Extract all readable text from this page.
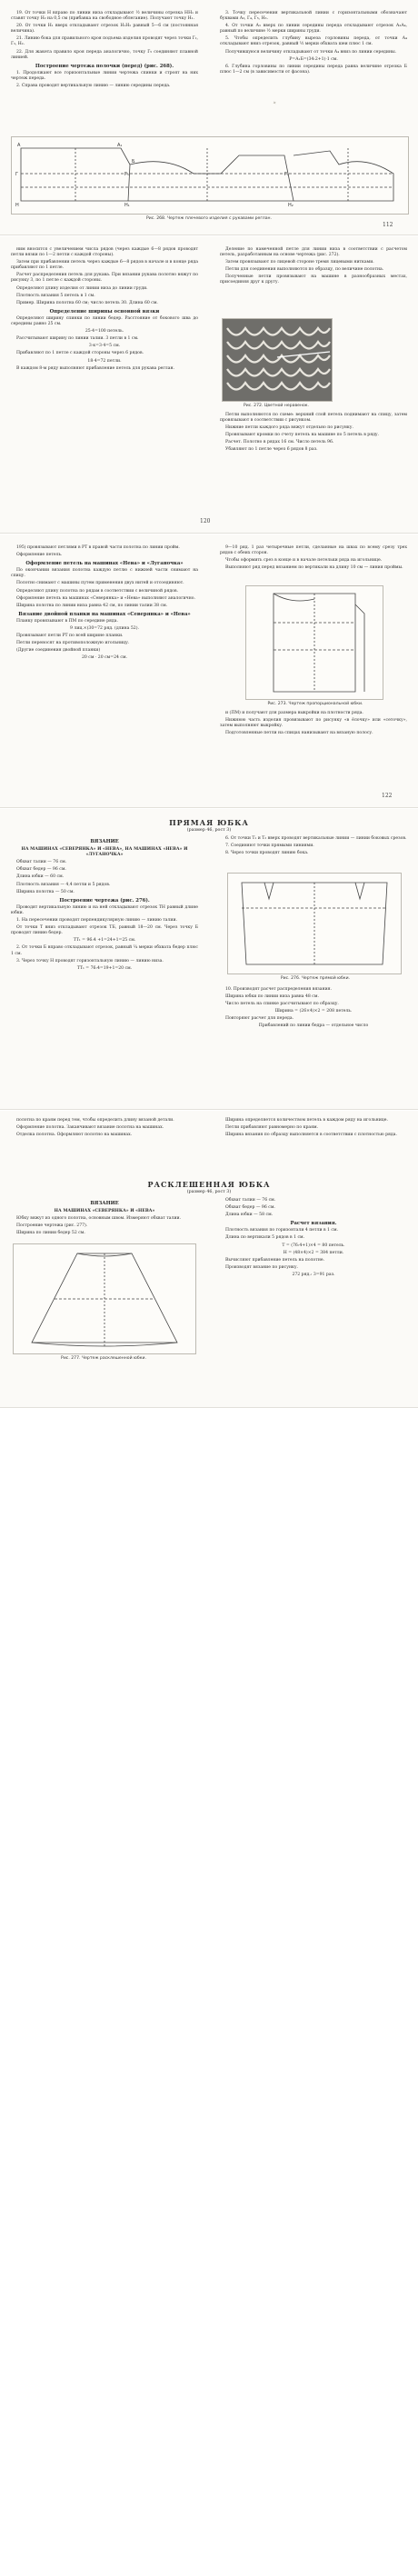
19. От точки Н вправо по линии низа откладывают ½ величины отрезка НН₁ и ставят точку Н₂ на 0,5 см (прибавка на свободное облегание). Получают точку Н₁.

20. От точки Н₁ вверх откладывают отрезок Н₁Н₂ равный 5—6 см (постоянная величина).

21. Линию бока для правильного кроя подъема изделия проводят через точки Г₂, Г₃, Н₂.

22. Для жакета правило кроя переда аналогично, точку Г₅ соединяют плавной линией.

Построение чертежа полочки (перед) (рис. 268).

1. Продолжают все горизонтальные линии чертежа спинки и строят на них чертеж переда.

2. Справа проводят вертикальную линию — линию середины переда.

3. Точку пересечения вертикальной линии с горизонтальными обозначают буквами А₃, Г₄, Г₅, Н₃.

4. От точки А₃ вверх по линии середины переда откладывают отрезок А₃А₄, равный по величине ½ мерки ширины груди.

5. Чтобы определить глубину выреза горловины переда, от точки А₄ откладывают вниз отрезок, равный ½ мерки обхвата шеи плюс 1 см.

Получившуюся величину откладывают от точки А₄ вниз по линии середины.

Р=А₁Б=(34:2+1)·1 см.

6. Глубина горловины по линии середины переда равна величине отрезка Б плюс 1—2 см (в зависимости от фасона).

А	А₁
Б
Г	Г₁	Г₂
Н	Н₁	Н₂
Рис. 268. Чертеж плечевого изделия с рукавами реглан.
112
✦

ним вносится с увеличением числа рядов (через каждые 6—8 рядов проводят петли вязки по 1—2 петли с каждой стороны).

Затем при прибавлении петель через каждые 6—8 рядов в начале и в конце ряда прибавляют по 1 петле.

Расчет распределения петель для рукава. При вязании рукава полотно вяжут по рисунку 3, по 1 петле с каждой стороны.

Определяют длину изделия от линии низа до линии груди.

Плотность вязания 5 петель в 1 см.

Пример. Ширина полотна 60 см; число петель 30. Длина 60 см.

Определение ширины основной вязки

Определяют ширину спинки по линии бедер. Расстояние от бокового шва до середины равно 25 см.

25·4=100 петель.

Рассчитывают ширину по линии талии. 3 петли в 1 см.

3·к=3·4=5 см.

Прибавляют по 1 петле с каждой стороны через 6 рядов.

18·4=72 петли.

В каждом 8-м ряду выполняют прибавление петель для рукава реглан.

Деление по намеченной петле для линии низа в соответствии с расчетом петель, разработанным на основе чертежа (рис. 272).

Затем провязывают по лицевой стороне тремя лицевыми нитками.

Петли для соединения выполняются по образцу, по величине полотна.

Полученные петли провязывают на машине в разнообразных местах, присоединяя друг к другу.

Рис. 272. Цветной неравенок.

Петли выполняются по схеме: верхний слой петель поднимают на спицу, затем провязывают в соответствии с рисунком.

Нижние петли каждого ряда вяжут отдельно по рисунку.

Провязывают кромки по счету петель на машине по 5 петель в ряду.

Расчет. Полотно в рядах 16 см. Число петель 96.

Убавляют по 1 петле через 6 рядов 8 раз.

120

195) провязывают петлями в РТ в правой части полотна по линии пройм.

Оформление петель.

Оформление петель на машинах «Нева» и «Луганочка»

По окончании вязания полотна каждую петлю с нижней части снимают на спицу.

Полотно снимают с машины путем применения двух нитей и отсоединяют.

Определяют длину полотна по рядам в соответствии с величиной рядов.

Оформление петель на машинах «Северянка» и «Нева» выполняют аналогично.

Ширина полотна по линии низа равна 42 см, по линии талии 38 см.

Вязание двойной планки на машинах «Северянка» и «Нева»

Планку провязывают в ПМ по середине ряда.

9 лиц.×(30=72 ряд. (длина 52).

Провязывают петли РТ по всей ширине планки.

Петли переносят на противоположную игольницу.

(Другие соединения двойной планки)

20 см · 20 см=24 см.

9—10 ряд. 1 раз четыречные петли, сделанные на швах по всему срезу трех рядов с обеих сторон.

Чтобы оформить срез в конце и в начале петельки ряда на игольнице.

Выполняют ряд перед вязанием по вертикали на длину 10 см — линия проймы.

Рис. 273. Чертеж пропорциональной юбки.

и (ПМ) и получают для размера выкройки на плотности ряда.

Нижнюю часть изделия провязывают по рисунку «в ёлочку» или «сеточку», затем выполняют выкройку.

Подготовленные петли на спицах нанизывают на вязаную полосу.

122
ПРЯМАЯ ЮБКА
(размер 46, рост 3)
ВЯЗАНИЕ
НА МАШИНАХ «СЕВЕРЯНКА» И «НЕВА», НА МАШИНАХ «НЕВА» И «ЛУГАНОЧКА»

Обхват талии — 76 см.

Обхват бедер — 96 см.

Длина юбки — 60 см.

Плотность вязания — 4,4 петли и 5 рядов.

Ширина полотна — 50 см.

Построение чертежа (рис. 276).

Проводят вертикальную линию и на ней откладывают отрезок ТН равный длине юбки.

1. На пересечении проводят перпендикулярную линию — линию талии.

От точки Т вниз откладывают отрезок ТБ, равный 18—20 см. Через точку Б проводят линию бедер.

ТТ₁ = 96:4 +1=24+1=25 см.

2. От точки Б вправо откладывают отрезок, равный ¼ мерки обхвата бедер плюс 1 см.

3. Через точку Н проводят горизонтальную линию — линию низа.

ТТ₁ = 76:4=19+1=20 см.

6. От точки Т₁ и Т₂ вверх проводят вертикальные линии — линии боковых срезов.

7. Соединяют точки прямыми линиями.

8. Через точки проводят линию бока.

Рис. 276. Чертеж прямой юбки.

10. Производят расчет распределения вязания.

Ширина юбки по линии низа равна 48 см.

Число петель на спинке рассчитывают по образцу.

Ширина = (26×4)×2 = 208 петель.

Повторяют расчет для переда.

Прибавлений по линии бедра — отдельное число

полотна по краям перед тем, чтобы определить длину вязаной детали.

Оформление полотна. Заканчивают вязание полотна на машинах.

Отделка полотна. Оформляют полотно на машинах.

Ширина определяется количеством петель в каждом ряду на игольнице.

Петли прибавляют равномерно по краям.

Ширина вязания по образцу выполняется в соответствии с плотностью ряда.

РАСКЛЕШЕННАЯ ЮБКА
(размер 46, рост 3)
ВЯЗАНИЕ
НА МАШИНАХ «СЕВЕРЯНКА» И «НЕВА»

Юбку вяжут из одного полотна, основным швом. Измеряют обхват талии.

Построение чертежа (рис. 277).

Ширина по линии бедер 52 см.

Рис. 277. Чертеж расклешенной юбки.

Обхват талии — 76 см.

Обхват бедер — 96 см.

Длина юбки — 58 см.

Расчет вязания.

Плотность вязания по горизонтали 4 петли в 1 см.

Длина по вертикали 5 рядов в 1 см.

Т = (76:4+1)×4 = 80 петель.

Н = (48×4)×2 = 384 петли.

Вычисляют прибавление петель на полотне.

Производят вязание по рисунку.

272 ряд.: 3=91 раз.
